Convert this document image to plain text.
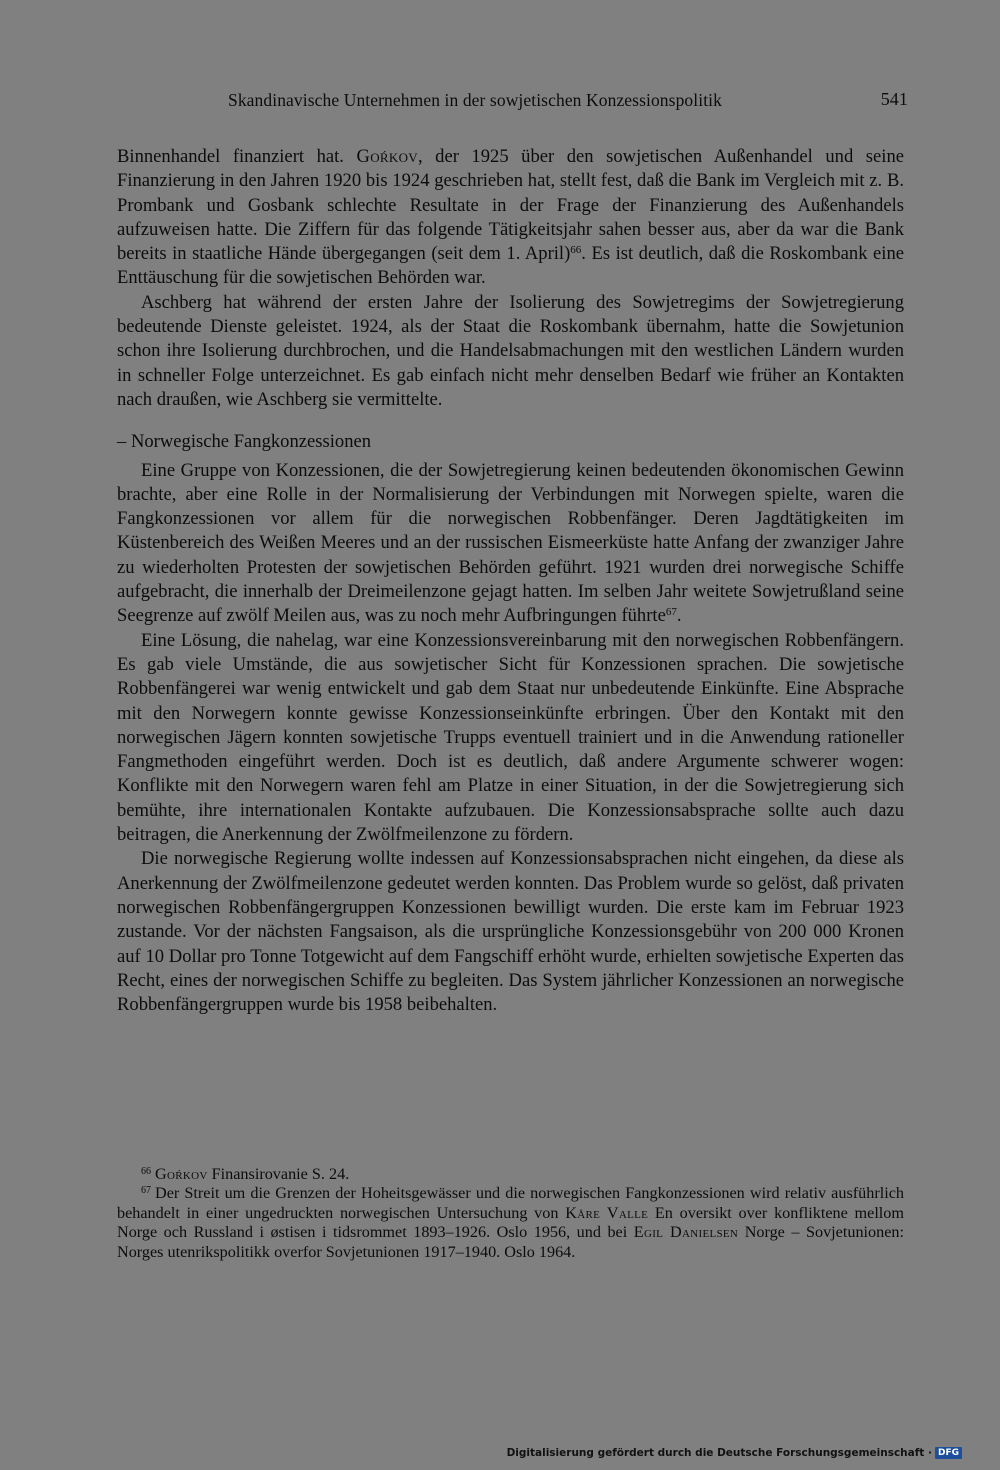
Skandinavische Unternehmen in der sowjetischen Konzessionspolitik	541

Binnenhandel finanziert hat. Goŕkov, der 1925 über den sowjetischen Außenhandel und seine Finanzierung in den Jahren 1920 bis 1924 geschrieben hat, stellt fest, daß die Bank im Vergleich mit z. B. Prombank und Gosbank schlechte Resultate in der Frage der Finanzierung des Außenhandels aufzuweisen hatte. Die Ziffern für das folgende Tätigkeitsjahr sahen besser aus, aber da war die Bank bereits in staatliche Hände übergegangen (seit dem 1. April)$^{66}$. Es ist deutlich, daß die Roskombank eine Enttäuschung für die sowjetischen Behörden war.

Aschberg hat während der ersten Jahre der Isolierung des Sowjetregims der Sowjetregierung bedeutende Dienste geleistet. 1924, als der Staat die Roskombank übernahm, hatte die Sowjetunion schon ihre Isolierung durchbrochen, und die Handelsabmachungen mit den westlichen Ländern wurden in schneller Folge unterzeichnet. Es gab einfach nicht mehr denselben Bedarf wie früher an Kontakten nach draußen, wie Aschberg sie vermittelte.

– Norwegische Fangkonzessionen

Eine Gruppe von Konzessionen, die der Sowjetregierung keinen bedeutenden ökonomischen Gewinn brachte, aber eine Rolle in der Normalisierung der Verbindungen mit Norwegen spielte, waren die Fangkonzessionen vor allem für die norwegischen Robbenfänger. Deren Jagdtätigkeiten im Küstenbereich des Weißen Meeres und an der russischen Eismeerküste hatte Anfang der zwanziger Jahre zu wiederholten Protesten der sowjetischen Behörden geführt. 1921 wurden drei norwegische Schiffe aufgebracht, die innerhalb der Dreimeilenzone gejagt hatten. Im selben Jahr weitete Sowjetrußland seine Seegrenze auf zwölf Meilen aus, was zu noch mehr Aufbringungen führte$^{67}$.

Eine Lösung, die nahelag, war eine Konzessionsvereinbarung mit den norwegischen Robbenfängern. Es gab viele Umstände, die aus sowjetischer Sicht für Konzessionen sprachen. Die sowjetische Robbenfängerei war wenig entwickelt und gab dem Staat nur unbedeutende Einkünfte. Eine Absprache mit den Norwegern konnte gewisse Konzessionseinkünfte erbringen. Über den Kontakt mit den norwegischen Jägern konnten sowjetische Trupps eventuell trainiert und in die Anwendung rationeller Fangmethoden eingeführt werden. Doch ist es deutlich, daß andere Argumente schwerer wogen: Konflikte mit den Norwegern waren fehl am Platze in einer Situation, in der die Sowjetregierung sich bemühte, ihre internationalen Kontakte aufzubauen. Die Konzessionsabsprache sollte auch dazu beitragen, die Anerkennung der Zwölfmeilenzone zu fördern.

Die norwegische Regierung wollte indessen auf Konzessionsabsprachen nicht eingehen, da diese als Anerkennung der Zwölfmeilenzone gedeutet werden konnten. Das Problem wurde so gelöst, daß privaten norwegischen Robbenfängergruppen Konzessionen bewilligt wurden. Die erste kam im Februar 1923 zustande. Vor der nächsten Fangsaison, als die ursprüngliche Konzessionsgebühr von 200 000 Kronen auf 10 Dollar pro Tonne Totgewicht auf dem Fangschiff erhöht wurde, erhielten sowjetische Experten das Recht, eines der norwegischen Schiffe zu begleiten. Das System jährlicher Konzessionen an norwegische Robbenfängergruppen wurde bis 1958 beibehalten.

$^{66}$ Goŕkov Finansirovanie S. 24.

$^{67}$ Der Streit um die Grenzen der Hoheitsgewässer und die norwegischen Fangkonzessionen wird relativ ausführlich behandelt in einer ungedruckten norwegischen Untersuchung von Kåre Valle En oversikt over konfliktene mellom Norge och Russland i østisen i tidsrommet 1893–1926. Oslo 1956, und bei Egil Danielsen Norge – Sovjetunionen: Norges utenrikspolitikk overfor Sovjetunionen 1917–1940. Oslo 1964.

Digitalisierung gefördert durch die Deutsche Forschungsgemeinschaft · DFG
